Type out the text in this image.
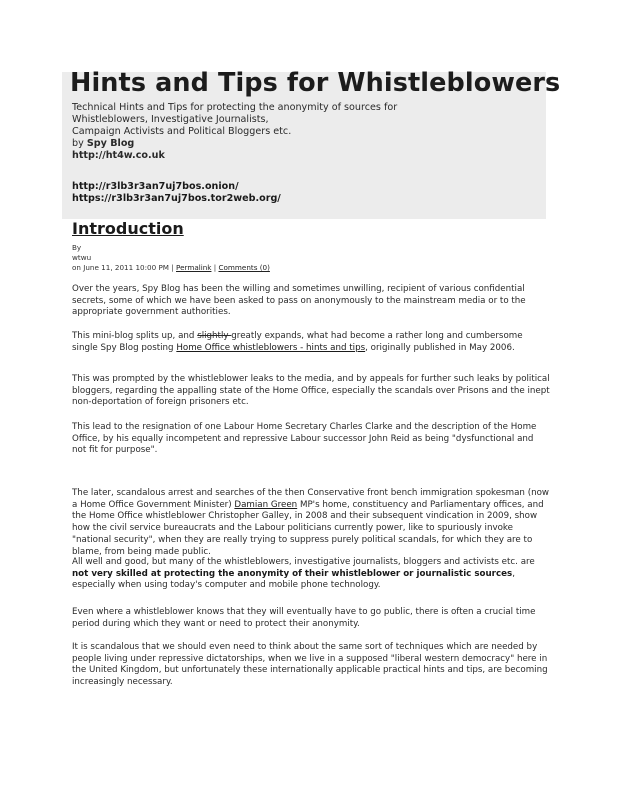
Hints and Tips for Whistleblowers
Technical Hints and Tips for protecting the anonymity of sources for
Whistleblowers, Investigative Journalists,
Campaign Activists and Political Bloggers etc.
by Spy Blog
http://ht4w.co.uk
http://r3lb3r3an7uj7bos.onion/
https://r3lb3r3an7uj7bos.tor2web.org/
Introduction
By
wtwu
on June 11, 2011 10:00 PM | Permalink | Comments (0)

Over the years, Spy Blog has been the willing and sometimes unwilling, recipient of various confidential secrets, some of which we have been asked to pass on anonymously to the mainstream media or to the appropriate government authorities.

This mini-blog splits up, and slightly greatly expands, what had become a rather long and cumbersome single Spy Blog posting Home Office whistleblowers - hints and tips, originally published in May 2006.

This was prompted by the whistleblower leaks to the media, and by appeals for further such leaks by political bloggers, regarding the appalling state of the Home Office, especially the scandals over Prisons and the inept non-deportation of foreign prisoners etc.

This lead to the resignation of one Labour Home Secretary Charles Clarke and the description of the Home Office, by his equally incompetent and repressive Labour successor John Reid as being "dysfunctional and not fit for purpose".

The later, scandalous arrest and searches of the then Conservative front bench immigration spokesman (now a Home Office Government Minister) Damian Green MP's home, constituency and Parliamentary offices, and the Home Office whistleblower Christopher Galley, in 2008 and their subsequent vindication in 2009, show how the civil service bureaucrats and the Labour politicians currently power, like to spuriously invoke "national security", when they are really trying to suppress purely political scandals, for which they are to blame, from being made public.

All well and good, but many of the whistleblowers, investigative journalists, bloggers and activists etc. are not very skilled at protecting the anonymity of their whistleblower or journalistic sources, especially when using today's computer and mobile phone technology.

Even where a whistleblower knows that they will eventually have to go public, there is often a crucial time period during which they want or need to protect their anonymity.

It is scandalous that we should even need to think about the same sort of techniques which are needed by people living under repressive dictatorships, when we live in a supposed "liberal western democracy" here in the United Kingdom, but unfortunately these internationally applicable practical hints and tips, are becoming increasingly necessary.
